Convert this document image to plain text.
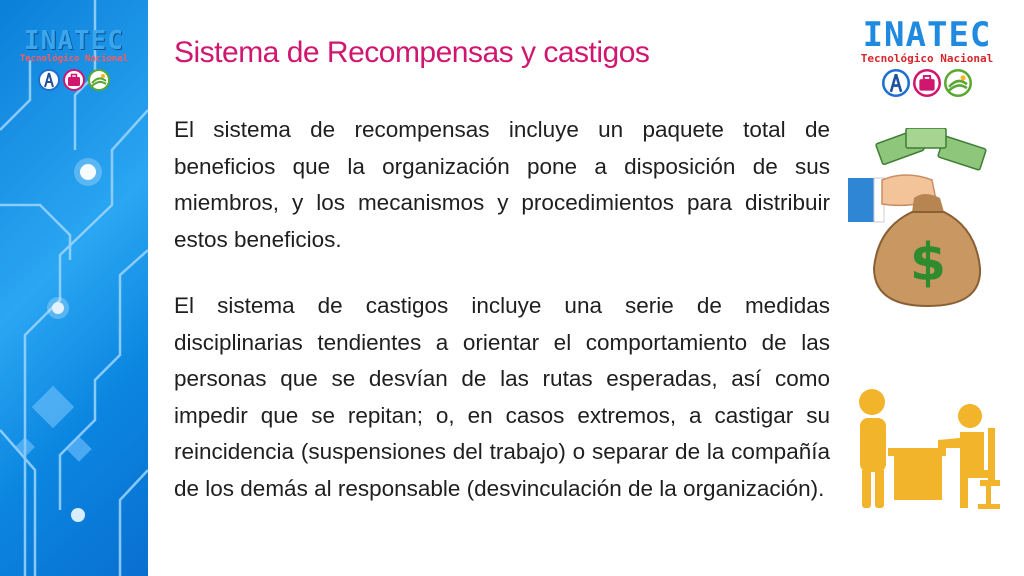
INATEC
Tecnológico Nacional
INATEC
Tecnológico Nacional
Sistema de Recompensas y castigos

El sistema de recompensas incluye un paquete total de beneficios que la organización pone a disposición de sus miembros, y los mecanismos y procedimientos para distribuir estos beneficios.

El sistema de castigos incluye una serie de medidas disciplinarias tendientes a orientar el comportamiento de las personas que se desvían de las rutas esperadas, así como impedir que se repitan; o, en casos extremos, a castigar su reincidencia (suspensiones del trabajo) o separar de la compañía de los demás al responsable (desvinculación de la organización).

$
